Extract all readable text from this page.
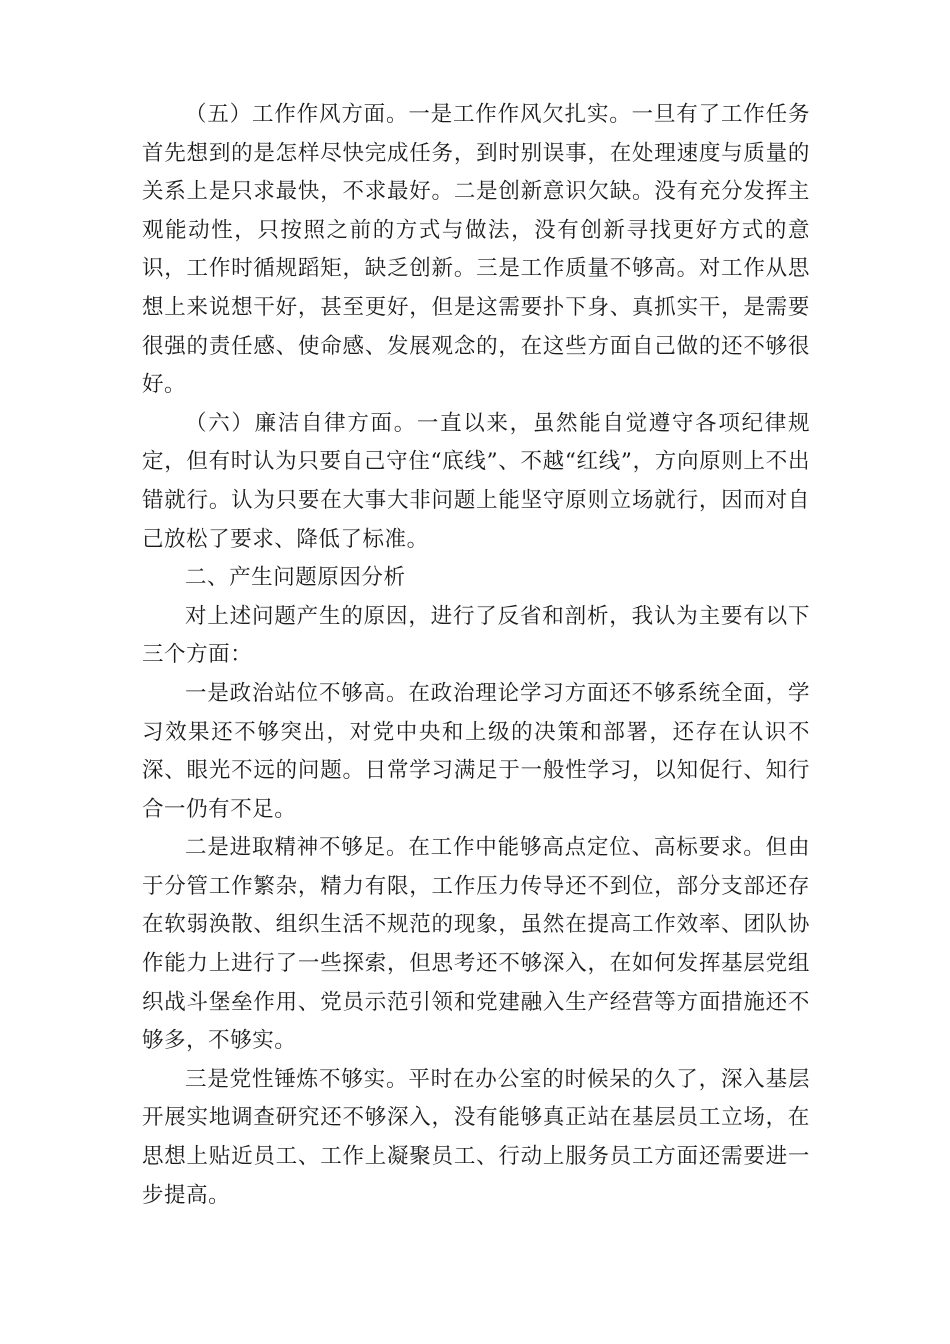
（五）工作作风方面。一是工作作风欠扎实。一旦有了工作任务首先想到的是怎样尽快完成任务，到时别误事，在处理速度与质量的关系上是只求最快，不求最好。二是创新意识欠缺。没有充分发挥主观能动性，只按照之前的方式与做法，没有创新寻找更好方式的意识，工作时循规蹈矩，缺乏创新。三是工作质量不够高。对工作从思想上来说想干好，甚至更好，但是这需要扑下身、真抓实干，是需要很强的责任感、使命感、发展观念的，在这些方面自己做的还不够很好。

（六）廉洁自律方面。一直以来，虽然能自觉遵守各项纪律规定，但有时认为只要自己守住“底线”、不越“红线”，方向原则上不出错就行。认为只要在大事大非问题上能坚守原则立场就行，因而对自己放松了要求、降低了标准。

二、产生问题原因分析

对上述问题产生的原因，进行了反省和剖析，我认为主要有以下三个方面：

一是政治站位不够高。在政治理论学习方面还不够系统全面，学习效果还不够突出，对党中央和上级的决策和部署，还存在认识不深、眼光不远的问题。日常学习满足于一般性学习，以知促行、知行合一仍有不足。

二是进取精神不够足。在工作中能够高点定位、高标要求。但由于分管工作繁杂，精力有限，工作压力传导还不到位，部分支部还存在软弱涣散、组织生活不规范的现象，虽然在提高工作效率、团队协作能力上进行了一些探索，但思考还不够深入，在如何发挥基层党组织战斗堡垒作用、党员示范引领和党建融入生产经营等方面措施还不够多，不够实。

三是党性锤炼不够实。平时在办公室的时候呆的久了，深入基层开展实地调查研究还不够深入，没有能够真正站在基层员工立场，在思想上贴近员工、工作上凝聚员工、行动上服务员工方面还需要进一步提高。
